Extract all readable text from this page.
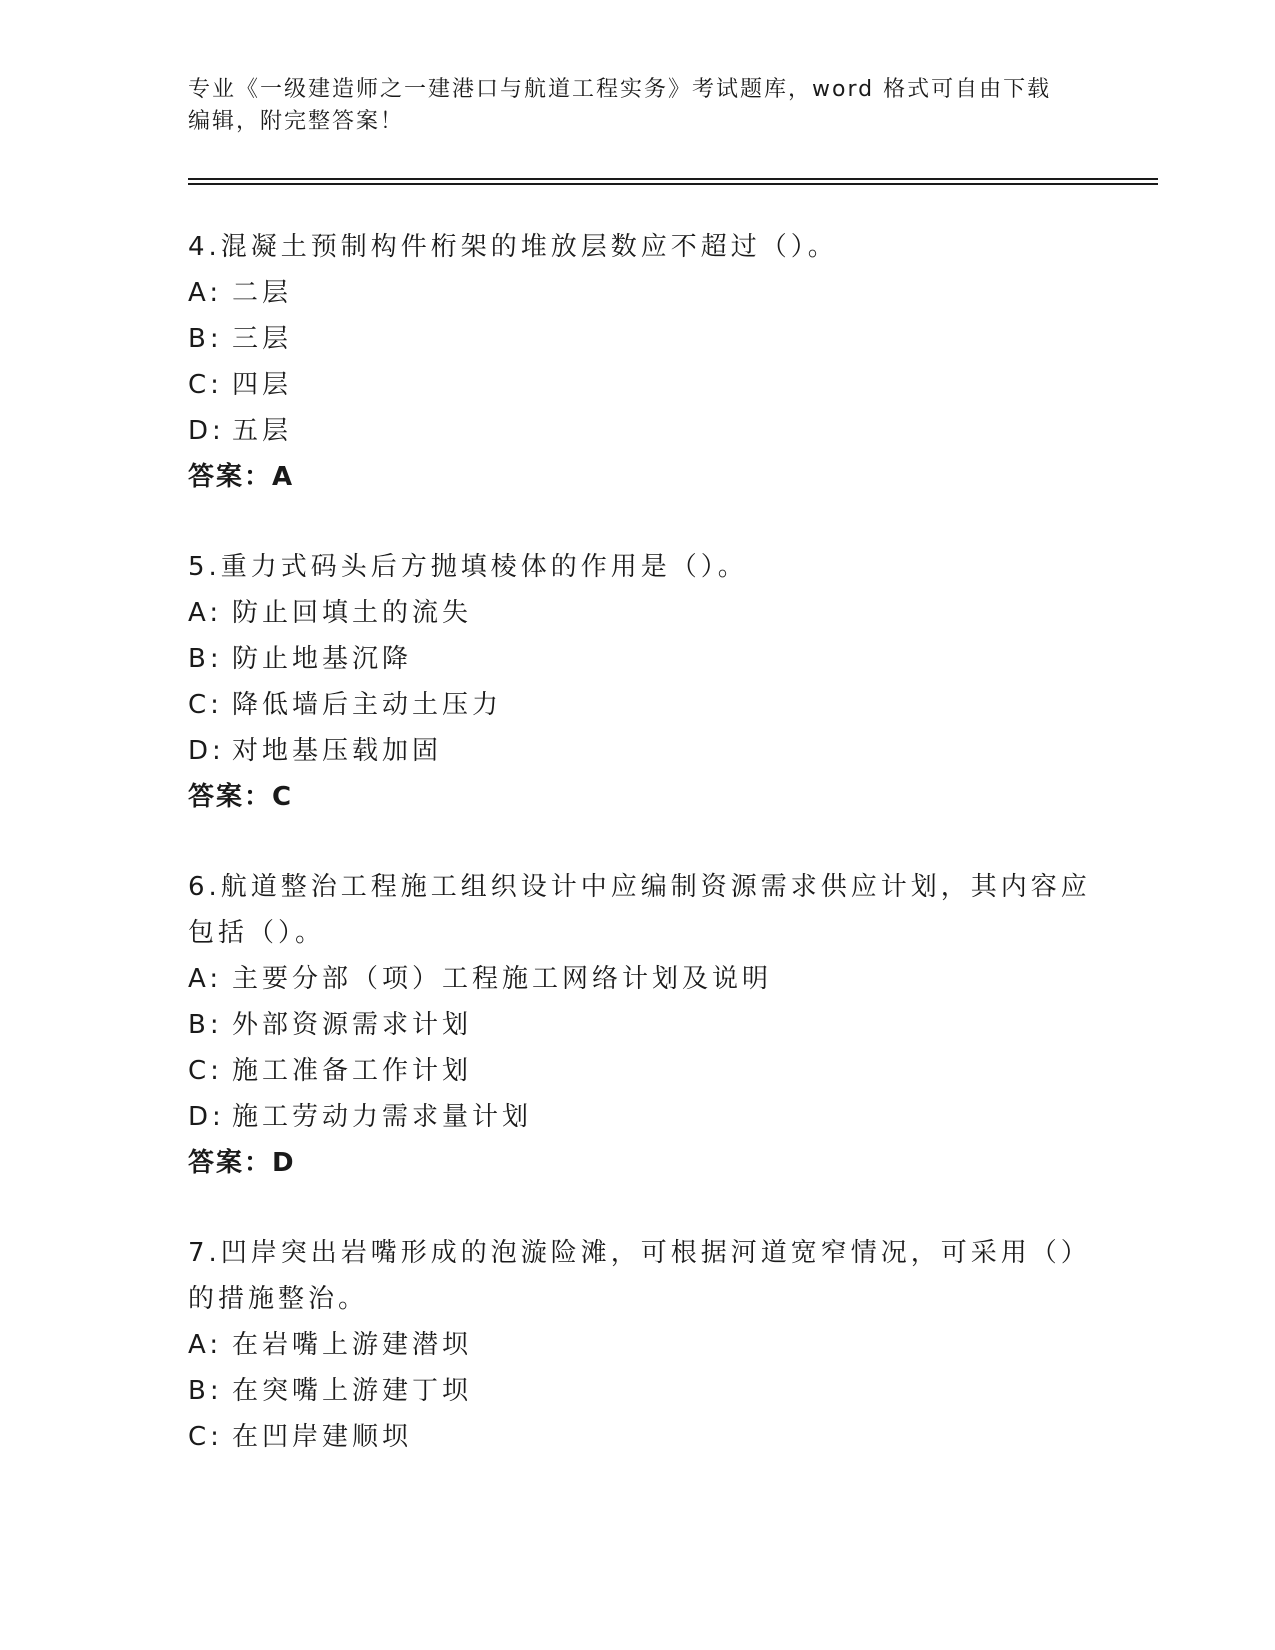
专业《一级建造师之一建港口与航道工程实务》考试题库，word 格式可自由下载
编辑，附完整答案！
4.混凝土预制构件桁架的堆放层数应不超过（）。
A: 二层
B: 三层
C: 四层
D: 五层
答案：A
5.重力式码头后方抛填棱体的作用是（）。
A: 防止回填土的流失
B: 防止地基沉降
C: 降低墙后主动土压力
D: 对地基压载加固
答案：C
6.航道整治工程施工组织设计中应编制资源需求供应计划，其内容应
包括（）。
A: 主要分部（项）工程施工网络计划及说明
B: 外部资源需求计划
C: 施工准备工作计划
D: 施工劳动力需求量计划
答案：D
7.凹岸突出岩嘴形成的泡漩险滩，可根据河道宽窄情况，可采用（）
的措施整治。
A: 在岩嘴上游建潜坝
B: 在突嘴上游建丁坝
C: 在凹岸建顺坝
